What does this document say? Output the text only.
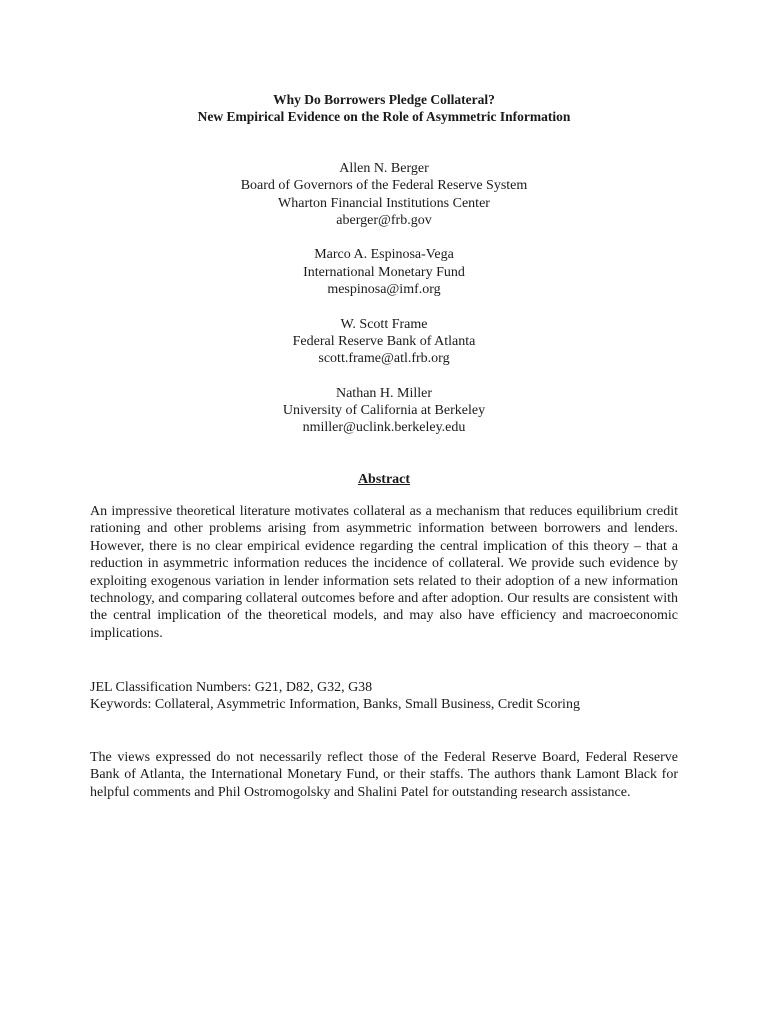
Why Do Borrowers Pledge Collateral?
New Empirical Evidence on the Role of Asymmetric Information
Allen N. Berger
Board of Governors of the Federal Reserve System
Wharton Financial Institutions Center
aberger@frb.gov
Marco A. Espinosa-Vega
International Monetary Fund
mespinosa@imf.org
W. Scott Frame
Federal Reserve Bank of Atlanta
scott.frame@atl.frb.org
Nathan H. Miller
University of California at Berkeley
nmiller@uclink.berkeley.edu
Abstract

An impressive theoretical literature motivates collateral as a mechanism that reduces equilibrium credit rationing and other problems arising from asymmetric information between borrowers and lenders. However, there is no clear empirical evidence regarding the central implication of this theory – that a reduction in asymmetric information reduces the incidence of collateral. We provide such evidence by exploiting exogenous variation in lender information sets related to their adoption of a new information technology, and comparing collateral outcomes before and after adoption. Our results are consistent with the central implication of the theoretical models, and may also have efficiency and macroeconomic implications.

JEL Classification Numbers: G21, D82, G32, G38
Keywords: Collateral, Asymmetric Information, Banks, Small Business, Credit Scoring

The views expressed do not necessarily reflect those of the Federal Reserve Board, Federal Reserve Bank of Atlanta, the International Monetary Fund, or their staffs. The authors thank Lamont Black for helpful comments and Phil Ostromogolsky and Shalini Patel for outstanding research assistance.
